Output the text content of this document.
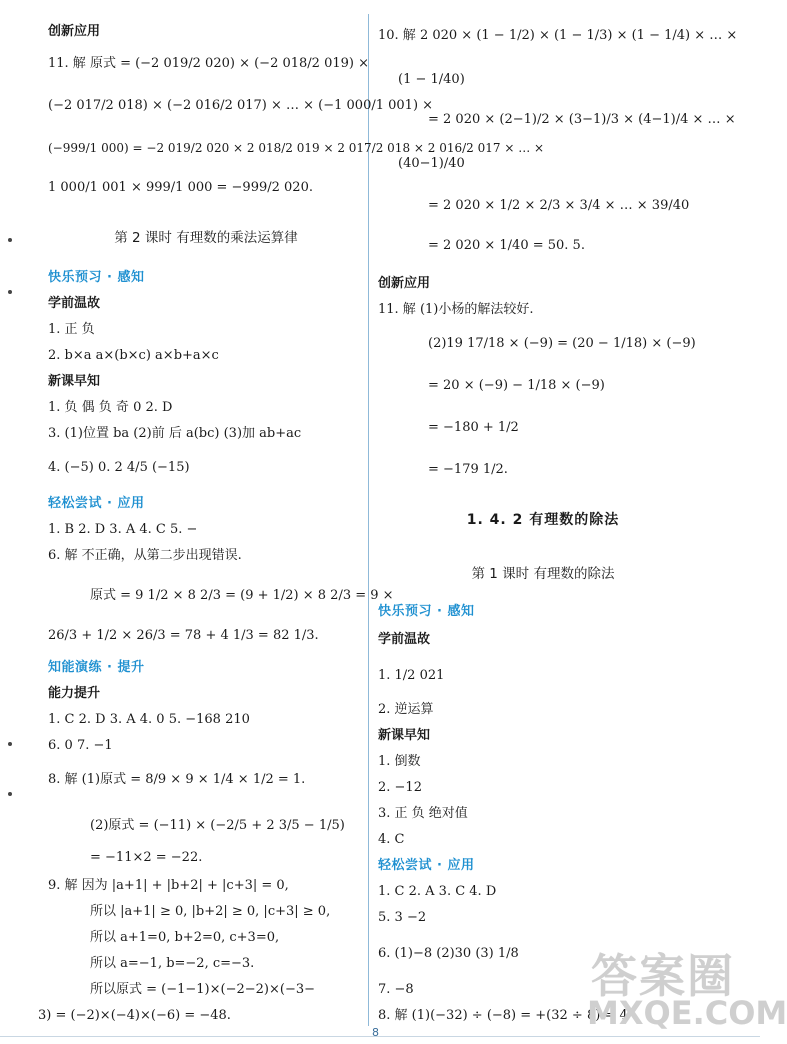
创新应用
11. 解 原式 = (−2 019/2 020) × (−2 018/2 019) ×
(−2 017/2 018) × (−2 016/2 017) × … × (−1 000/1 001) ×
(−999/1 000) = −2 019/2 020 × 2 018/2 019 × 2 017/2 018 × 2 016/2 017 × … ×
1 000/1 001 × 999/1 000 = −999/2 020.
第 2 课时 有理数的乘法运算律
快乐预习 · 感知
学前温故
1. 正 负
2. b×a a×(b×c) a×b+a×c
新课早知
1. 负 偶 负 奇 0 2. D
3. (1)位置 ba (2)前 后 a(bc) (3)加 ab+ac
4. (−5) 0. 2 4/5 (−15)
轻松尝试 · 应用
1. B 2. D 3. A 4. C 5. −
6. 解 不正确，从第二步出现错误.
原式 = 9 1/2 × 8 2/3 = (9 + 1/2) × 8 2/3 = 9 ×
26/3 + 1/2 × 26/3 = 78 + 4 1/3 = 82 1/3.
知能演练 · 提升
能力提升
1. C 2. D 3. A 4. 0 5. −168 210
6. 0 7. −1
8. 解 (1)原式 = 8/9 × 9 × 1/4 × 1/2 = 1.
(2)原式 = (−11) × (−2/5 + 2 3/5 − 1/5)
= −11×2 = −22.
9. 解 因为 |a+1| + |b+2| + |c+3| = 0,
所以 |a+1| ≥ 0, |b+2| ≥ 0, |c+3| ≥ 0,
所以 a+1=0, b+2=0, c+3=0,
所以 a=−1, b=−2, c=−3.
所以原式 = (−1−1)×(−2−2)×(−3−
3) = (−2)×(−4)×(−6) = −48.
10. 解 2 020 × (1 − 1/2) × (1 − 1/3) × (1 − 1/4) × … ×
(1 − 1/40)
= 2 020 × (2−1)/2 × (3−1)/3 × (4−1)/4 × … ×
(40−1)/40
= 2 020 × 1/2 × 2/3 × 3/4 × … × 39/40
= 2 020 × 1/40 = 50. 5.
创新应用
11. 解 (1)小杨的解法较好.
(2)19 17/18 × (−9) = (20 − 1/18) × (−9)
= 20 × (−9) − 1/18 × (−9)
= −180 + 1/2
= −179 1/2.
1. 4. 2 有理数的除法
第 1 课时 有理数的除法
快乐预习 · 感知
学前温故
1. 1/2 021
2. 逆运算
新课早知
1. 倒数
2. −12
3. 正 负 绝对值
4. C
轻松尝试 · 应用
1. C 2. A 3. C 4. D
5. 3 −2
6. (1)−8 (2)30 (3) 1/8
7. −8
8. 解 (1)(−32) ÷ (−8) = +(32 ÷ 8) = 4
8
答案圈
MXQE.COM
